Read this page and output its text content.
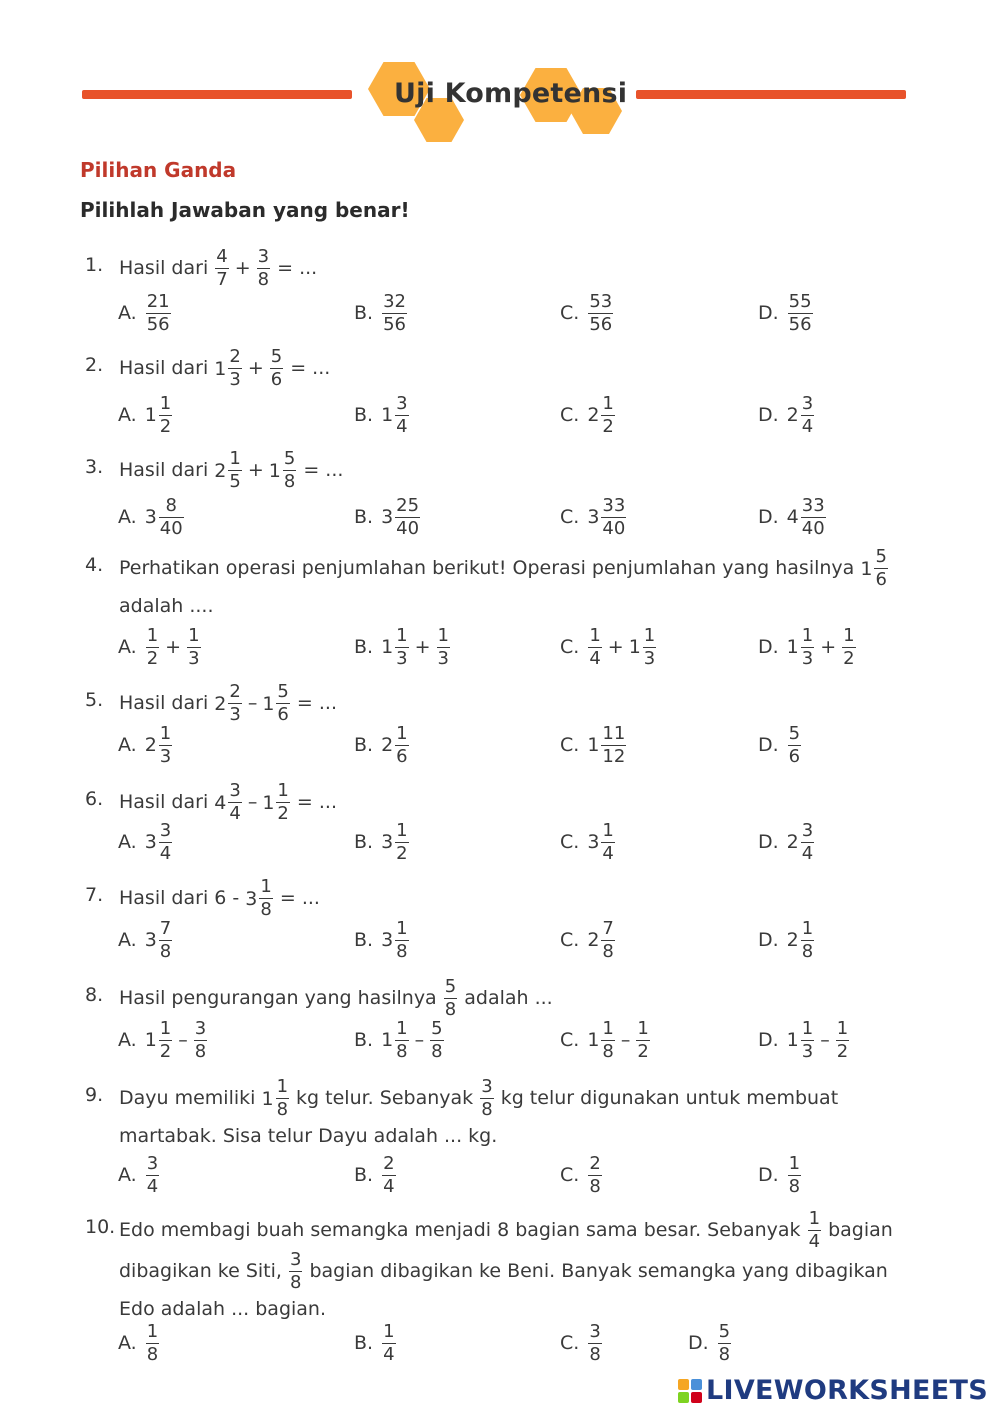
Uji Kompetensi
Pilihan Ganda
Pilihlah Jawaban yang benar!
1. Hasil dari $\frac{4}{7} + \frac{3}{8}$ = ...
A. $\frac{21}{56}$	B. $\frac{32}{56}$	C. $\frac{53}{56}$	D. $\frac{55}{56}$
2. Hasil dari $1 \frac{2}{3} + \frac{5}{6}$ = ...
A. $1 \frac{1}{2}$	B. $1 \frac{3}{4}$	C. $2 \frac{1}{2}$	D. $2 \frac{3}{4}$
3. Hasil dari $2 \frac{1}{5} + 1 \frac{5}{8}$ = ...
A. $3 \frac{8}{40}$	B. $3 \frac{25}{40}$	C. $3 \frac{33}{40}$	D. $4 \frac{33}{40}$
4. Perhatikan operasi penjumlahan berikut! Operasi penjumlahan yang hasilnya $1 \frac{5}{6}$
adalah ....
A. $\frac{1}{2} + \frac{1}{3}$	B. $1 \frac{1}{3} + \frac{1}{3}$	C. $\frac{1}{4} + 1 \frac{1}{3}$	D. $1 \frac{1}{3} + \frac{1}{2}$
5. Hasil dari $2 \frac{2}{3} - 1 \frac{5}{6}$ = ...
A. $2 \frac{1}{3}$	B. $2 \frac{1}{6}$	C. $1 \frac{11}{12}$	D. $\frac{5}{6}$
6. Hasil dari $4 \frac{3}{4} - 1 \frac{1}{2}$ = ...
A. $3 \frac{3}{4}$	B. $3 \frac{1}{2}$	C. $3 \frac{1}{4}$	D. $2 \frac{3}{4}$
7. Hasil dari $6 - 3 \frac{1}{8}$ = ...
A. $3 \frac{7}{8}$	B. $3 \frac{1}{8}$	C. $2 \frac{7}{8}$	D. $2 \frac{1}{8}$
8. Hasil pengurangan yang hasilnya $\frac{5}{8}$ adalah ...
A. $1 \frac{1}{2} - \frac{3}{8}$	B. $1 \frac{1}{8} - \frac{5}{8}$	C. $1 \frac{1}{8} - \frac{1}{2}$	D. $1 \frac{1}{3} - \frac{1}{2}$
9. Dayu memiliki $1 \frac{1}{8}$ kg telur. Sebanyak $\frac{3}{8}$ kg telur digunakan untuk membuat martabak. Sisa telur Dayu adalah ... kg.
A. $\frac{3}{4}$	B. $\frac{2}{4}$	C. $\frac{2}{8}$	D. $\frac{1}{8}$
10. Edo membagi buah semangka menjadi 8 bagian sama besar. Sebanyak $\frac{1}{4}$ bagian dibagikan ke Siti, $\frac{3}{8}$ bagian dibagikan ke Beni. Banyak semangka yang dibagikan Edo adalah ... bagian.
A. $\frac{1}{8}$	B. $\frac{1}{4}$	C. $\frac{3}{8}$	D. $\frac{5}{8}$
LIVEWORKSHEETS
